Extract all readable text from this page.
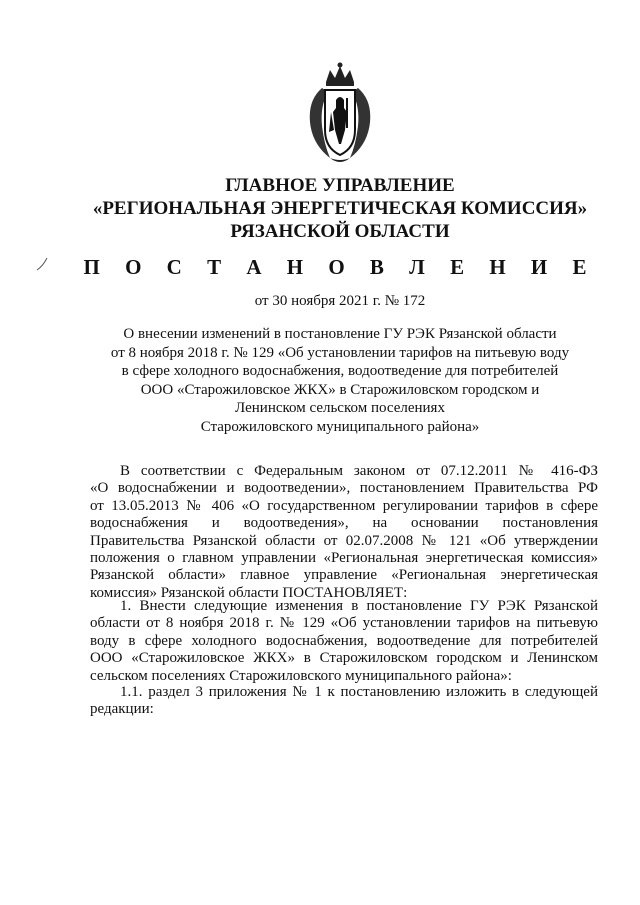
ГЛАВНОЕ УПРАВЛЕНИЕ
«РЕГИОНАЛЬНАЯ ЭНЕРГЕТИЧЕСКАЯ КОМИССИЯ»
РЯЗАНСКОЙ ОБЛАСТИ
П О С Т А Н О В Л Е Н И Е
от 30 ноября 2021 г. № 172
О внесении изменений в постановление ГУ РЭК Рязанской области
от 8 ноября 2018 г. № 129 «Об установлении тарифов на питьевую воду
в сфере холодного водоснабжения, водоотведение для потребителей
ООО «Старожиловское ЖКХ» в Старожиловском городском и
Ленинском сельском поселениях
Старожиловского муниципального района»
В соответствии с Федеральным законом от 07.12.2011 № 416-ФЗ
«О водоснабжении и водоотведении», постановлением Правительства РФ
от 13.05.2013 № 406 «О государственном регулировании тарифов в сфере
водоснабжения и водоотведения», на основании постановления
Правительства Рязанской области от 02.07.2008 № 121 «Об утверждении
положения о главном управлении «Региональная энергетическая комиссия»
Рязанской области» главное управление «Региональная энергетическая
комиссия» Рязанской области ПОСТАНОВЛЯЕТ:
1. Внести следующие изменения в постановление ГУ РЭК Рязанской
области от 8 ноября 2018 г. № 129 «Об установлении тарифов на питьевую
воду в сфере холодного водоснабжения, водоотведение для потребителей
ООО «Старожиловское ЖКХ» в Старожиловском городском и Ленинском
сельском поселениях Старожиловского муниципального района»:
1.1. раздел 3 приложения № 1 к постановлению изложить в следующей
редакции:
